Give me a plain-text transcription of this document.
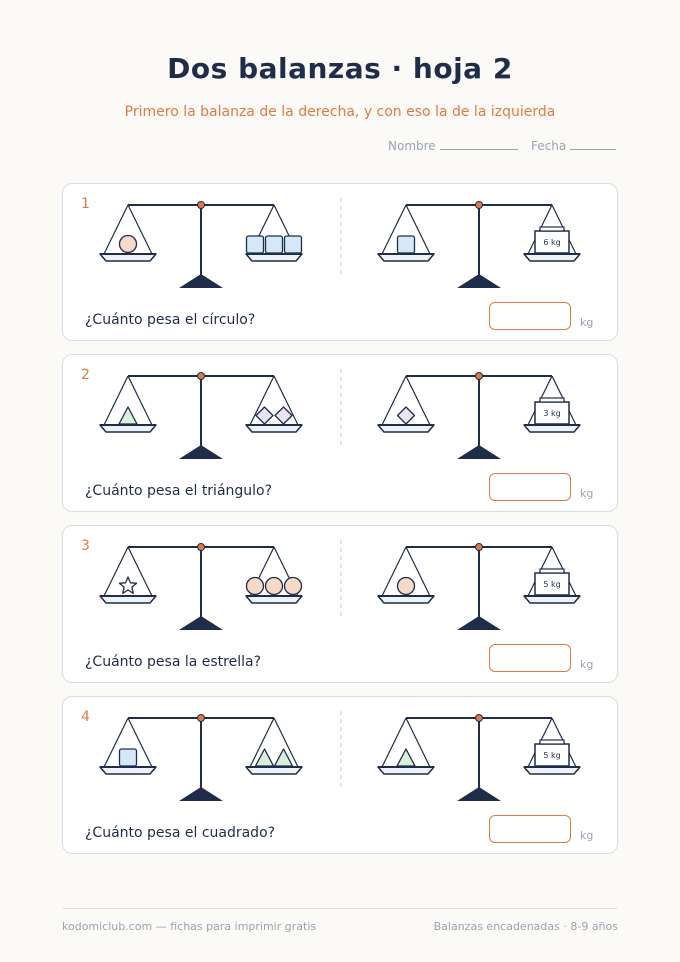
Dos balanzas · hoja 2
Primero la balanza de la derecha, y con eso la de la izquierda
Nombre	Fecha
1
6 kg
¿Cuánto pesa el círculo?	kg
2
3 kg
¿Cuánto pesa el triángulo?	kg
3
5 kg
¿Cuánto pesa la estrella?	kg
4
5 kg
¿Cuánto pesa el cuadrado?	kg
kodomiclub.com — fichas para imprimir gratis	Balanzas encadenadas · 8-9 años
